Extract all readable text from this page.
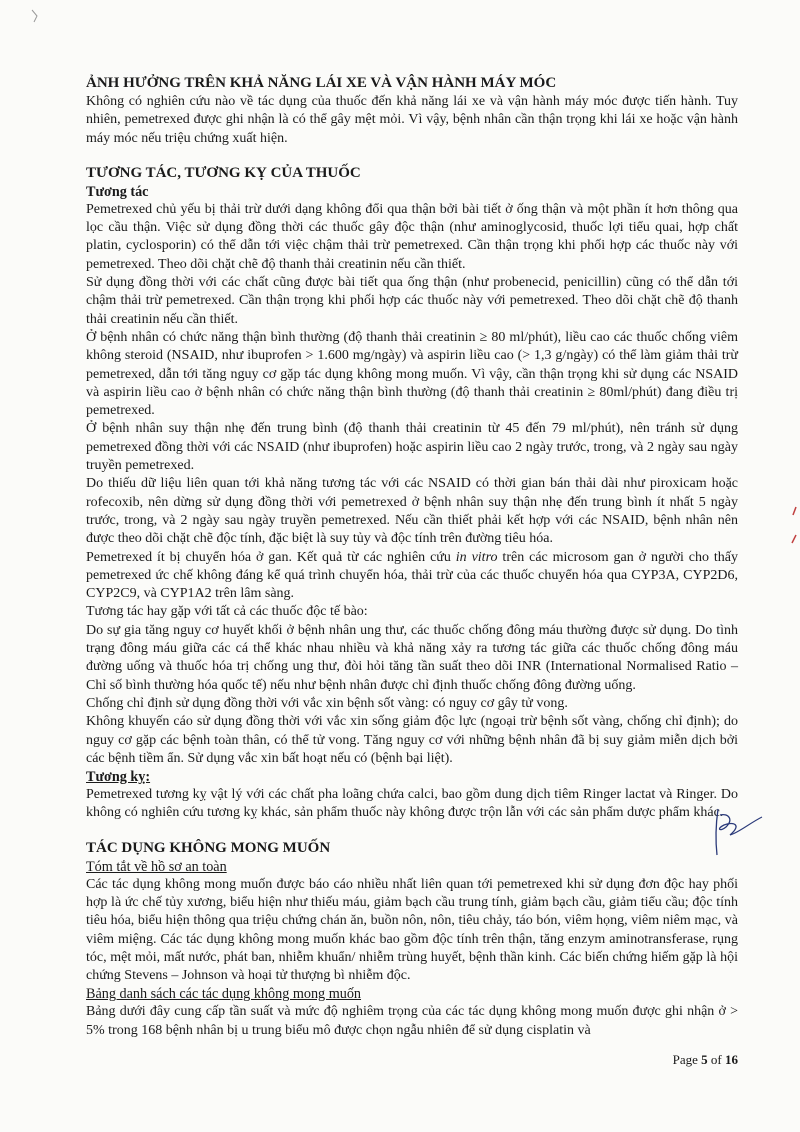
ẢNH HƯỞNG TRÊN KHẢ NĂNG LÁI XE VÀ VẬN HÀNH MÁY MÓC

Không có nghiên cứu nào về tác dụng của thuốc đến khả năng lái xe và vận hành máy móc được tiến hành. Tuy nhiên, pemetrexed được ghi nhận là có thể gây mệt mỏi. Vì vậy, bệnh nhân cần thận trọng khi lái xe hoặc vận hành máy móc nếu triệu chứng xuất hiện.

TƯƠNG TÁC, TƯƠNG KỴ CỦA THUỐC
Tương tác

Pemetrexed chủ yếu bị thải trừ dưới dạng không đổi qua thận bởi bài tiết ở ống thận và một phần ít hơn thông qua lọc cầu thận. Việc sử dụng đồng thời các thuốc gây độc thận (như aminoglycosid, thuốc lợi tiểu quai, hợp chất platin, cyclosporin) có thể dẫn tới việc chậm thải trừ pemetrexed. Cần thận trọng khi phối hợp các thuốc này với pemetrexed. Theo dõi chặt chẽ độ thanh thải creatinin nếu cần thiết.

Sử dụng đồng thời với các chất cũng được bài tiết qua ống thận (như probenecid, penicillin) cũng có thể dẫn tới chậm thải trừ pemetrexed. Cần thận trọng khi phối hợp các thuốc này với pemetrexed. Theo dõi chặt chẽ độ thanh thải creatinin nếu cần thiết.

Ở bệnh nhân có chức năng thận bình thường (độ thanh thải creatinin ≥ 80 ml/phút), liều cao các thuốc chống viêm không steroid (NSAID, như ibuprofen > 1.600 mg/ngày) và aspirin liều cao (> 1,3 g/ngày) có thể làm giảm thải trừ pemetrexed, dẫn tới tăng nguy cơ gặp tác dụng không mong muốn. Vì vậy, cần thận trọng khi sử dụng các NSAID và aspirin liều cao ở bệnh nhân có chức năng thận bình thường (độ thanh thải creatinin ≥ 80ml/phút) đang điều trị pemetrexed.

Ở bệnh nhân suy thận nhẹ đến trung bình (độ thanh thải creatinin từ 45 đến 79 ml/phút), nên tránh sử dụng pemetrexed đồng thời với các NSAID (như ibuprofen) hoặc aspirin liều cao 2 ngày trước, trong, và 2 ngày sau ngày truyền pemetrexed.

Do thiếu dữ liệu liên quan tới khả năng tương tác với các NSAID có thời gian bán thải dài như piroxicam hoặc rofecoxib, nên dừng sử dụng đồng thời với pemetrexed ở bệnh nhân suy thận nhẹ đến trung bình ít nhất 5 ngày trước, trong, và 2 ngày sau ngày truyền pemetrexed. Nếu cần thiết phải kết hợp với các NSAID, bệnh nhân nên được theo dõi chặt chẽ độc tính, đặc biệt là suy tủy và độc tính trên đường tiêu hóa.

Pemetrexed ít bị chuyển hóa ở gan. Kết quả từ các nghiên cứu in vitro trên các microsom gan ở người cho thấy pemetrexed ức chế không đáng kể quá trình chuyển hóa, thải trừ của các thuốc chuyển hóa qua CYP3A, CYP2D6, CYP2C9, và CYP1A2 trên lâm sàng.

Tương tác hay gặp với tất cả các thuốc độc tế bào:

Do sự gia tăng nguy cơ huyết khối ở bệnh nhân ung thư, các thuốc chống đông máu thường được sử dụng. Do tình trạng đông máu giữa các cá thể khác nhau nhiều và khả năng xảy ra tương tác giữa các thuốc chống đông máu đường uống và thuốc hóa trị chống ung thư, đòi hỏi tăng tần suất theo dõi INR (International Normalised Ratio – Chỉ số bình thường hóa quốc tế) nếu như bệnh nhân được chỉ định thuốc chống đông đường uống.

Chống chỉ định sử dụng đồng thời với vắc xin bệnh sốt vàng: có nguy cơ gây tử vong.

Không khuyến cáo sử dụng đồng thời với vắc xin sống giảm độc lực (ngoại trừ bệnh sốt vàng, chống chỉ định); do nguy cơ gặp các bệnh toàn thân, có thể tử vong. Tăng nguy cơ với những bệnh nhân đã bị suy giảm miễn dịch bởi các bệnh tiềm ẩn. Sử dụng vắc xin bất hoạt nếu có (bệnh bại liệt).

Tương kỵ:

Pemetrexed tương kỵ vật lý với các chất pha loãng chứa calci, bao gồm dung dịch tiêm Ringer lactat và Ringer. Do không có nghiên cứu tương kỵ khác, sản phẩm thuốc này không được trộn lẫn với các sản phẩm dược phẩm khác.

TÁC DỤNG KHÔNG MONG MUỐN
Tóm tắt về hồ sơ an toàn

Các tác dụng không mong muốn được báo cáo nhiều nhất liên quan tới pemetrexed khi sử dụng đơn độc hay phối hợp là ức chế tủy xương, biểu hiện như thiếu máu, giảm bạch cầu trung tính, giảm bạch cầu, giảm tiểu cầu; độc tính tiêu hóa, biểu hiện thông qua triệu chứng chán ăn, buồn nôn, nôn, tiêu chảy, táo bón, viêm họng, viêm niêm mạc, và viêm miệng. Các tác dụng không mong muốn khác bao gồm độc tính trên thận, tăng enzym aminotransferase, rụng tóc, mệt mỏi, mất nước, phát ban, nhiễm khuẩn/ nhiễm trùng huyết, bệnh thần kinh. Các biến chứng hiếm gặp là hội chứng Stevens – Johnson và hoại tử thượng bì nhiễm độc.

Bảng danh sách các tác dụng không mong muốn

Bảng dưới đây cung cấp tần suất và mức độ nghiêm trọng của các tác dụng không mong muốn được ghi nhận ở > 5% trong 168 bệnh nhân bị u trung biểu mô được chọn ngẫu nhiên để sử dụng cisplatin và

Page 5 of 16
